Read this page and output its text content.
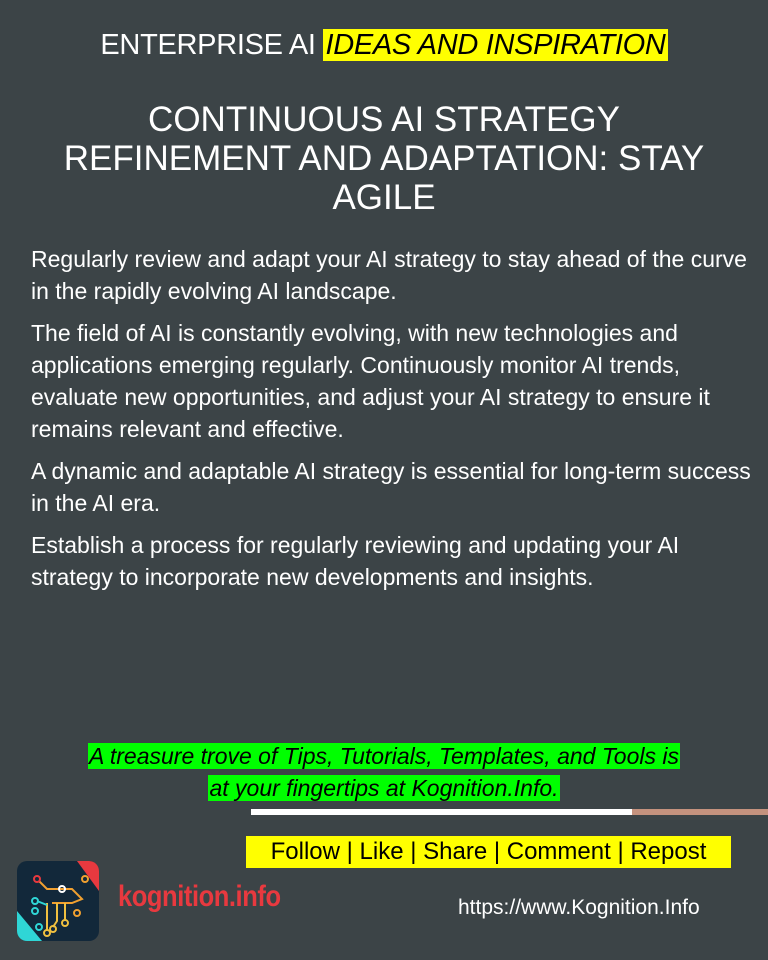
ENTERPRISE AI IDEAS AND INSPIRATION
CONTINUOUS AI STRATEGY REFINEMENT AND ADAPTATION: STAY AGILE

Regularly review and adapt your AI strategy to stay ahead of the curve in the rapidly evolving AI landscape.

The field of AI is constantly evolving, with new technologies and applications emerging regularly. Continuously monitor AI trends, evaluate new opportunities, and adjust your AI strategy to ensure it remains relevant and effective.

A dynamic and adaptable AI strategy is essential for long-term success in the AI era.

Establish a process for regularly reviewing and updating your AI strategy to incorporate new developments and insights.

A treasure trove of Tips, Tutorials, Templates, and Tools is
at your fingertips at Kognition.Info.
Follow | Like | Share | Comment | Repost
kognition.info	https://www.Kognition.Info
